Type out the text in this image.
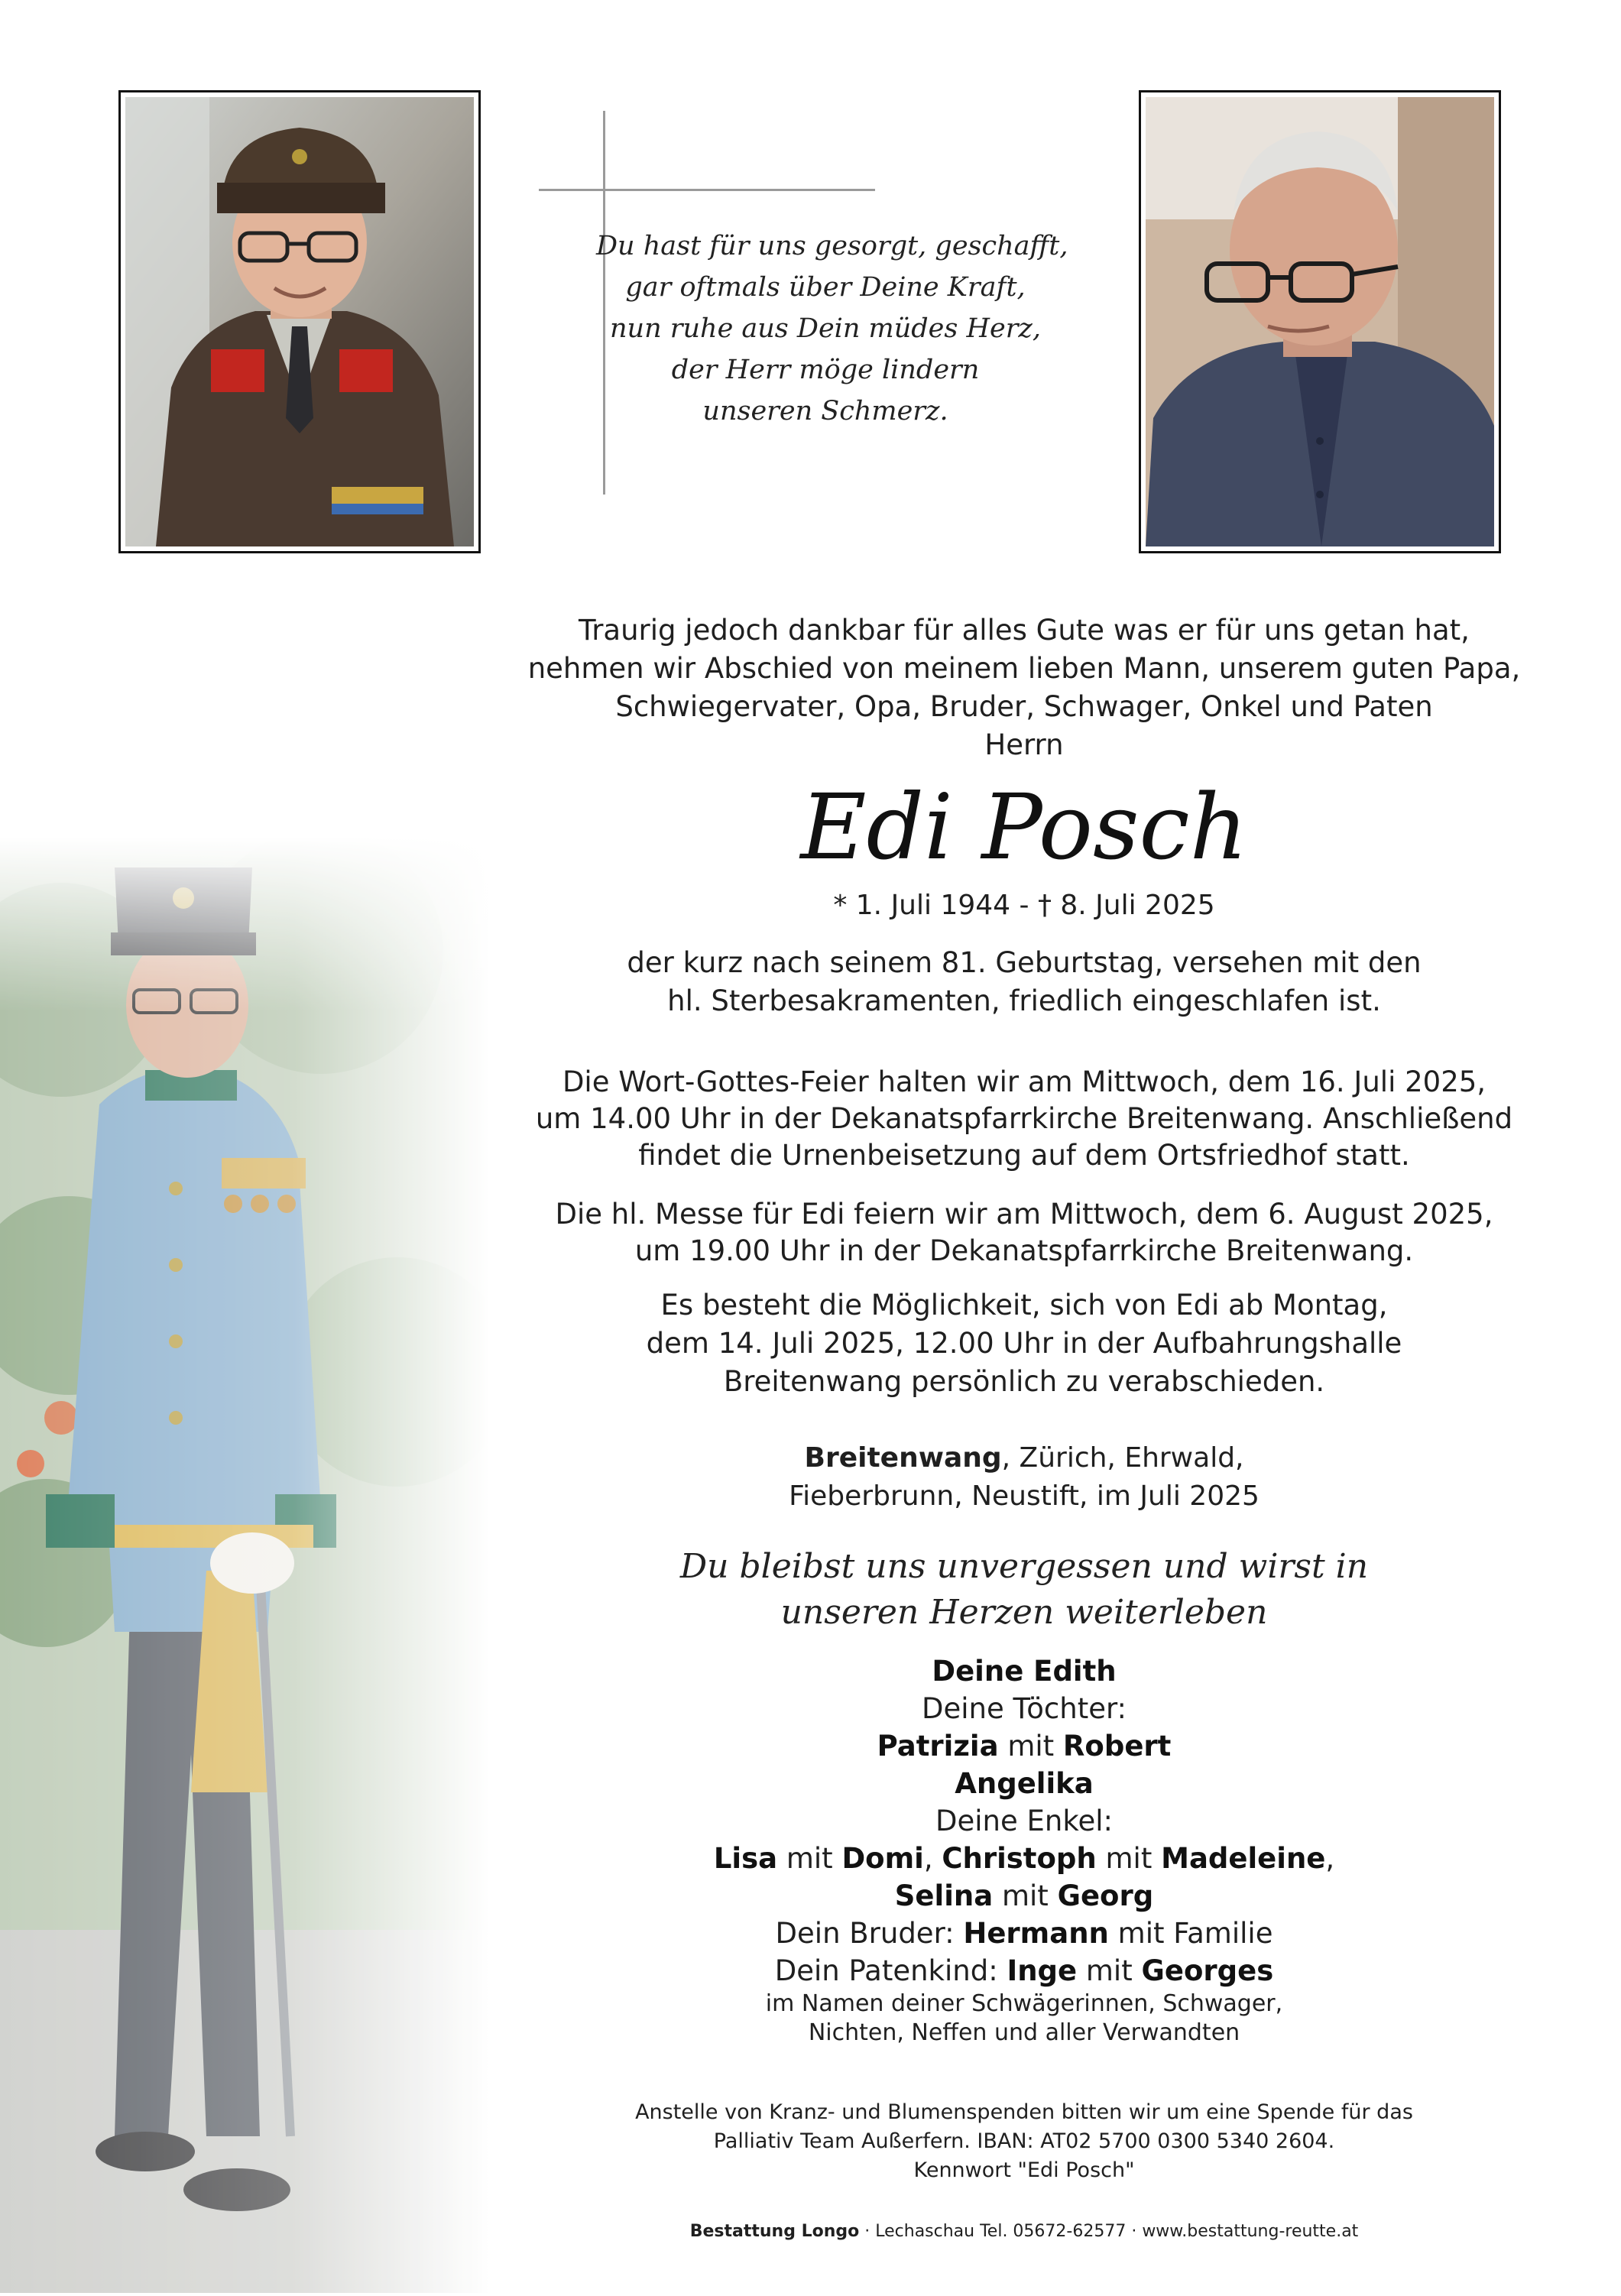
Du hast für uns gesorgt, geschafft,
gar oftmals über Deine Kraft,
nun ruhe aus Dein müdes Herz,
der Herr möge lindern
unseren Schmerz.
Traurig jedoch dankbar für alles Gute was er für uns getan hat,
nehmen wir Abschied von meinem lieben Mann, unserem guten Papa,
Schwiegervater, Opa, Bruder, Schwager, Onkel und Paten
Herrn
Edi Posch
* 1. Juli 1944 - † 8. Juli 2025
der kurz nach seinem 81. Geburtstag, versehen mit den
hl. Sterbesakramenten, friedlich eingeschlafen ist.
Die Wort-Gottes-Feier halten wir am Mittwoch, dem 16. Juli 2025,
um 14.00 Uhr in der Dekanatspfarrkirche Breitenwang. Anschließend
findet die Urnenbeisetzung auf dem Ortsfriedhof statt.
Die hl. Messe für Edi feiern wir am Mittwoch, dem 6. August 2025,
um 19.00 Uhr in der Dekanatspfarrkirche Breitenwang.
Es besteht die Möglichkeit, sich von Edi ab Montag,
dem 14. Juli 2025, 12.00 Uhr in der Aufbahrungshalle
Breitenwang persönlich zu verabschieden.
Breitenwang, Zürich, Ehrwald,
Fieberbrunn, Neustift, im Juli 2025
Du bleibst uns unvergessen und wirst in
unseren Herzen weiterleben
Deine Edith
Deine Töchter:
Patrizia mit Robert
Angelika
Deine Enkel:
Lisa mit Domi, Christoph mit Madeleine,
Selina mit Georg
Dein Bruder: Hermann mit Familie
Dein Patenkind: Inge mit Georges
im Namen deiner Schwägerinnen, Schwager,
Nichten, Neffen und aller Verwandten
Anstelle von Kranz- und Blumenspenden bitten wir um eine Spende für das
Palliativ Team Außerfern. IBAN: AT02 5700 0300 5340 2604.
Kennwort "Edi Posch"
Bestattung Longo · Lechaschau Tel. 05672-62577 · www.bestattung-reutte.at
